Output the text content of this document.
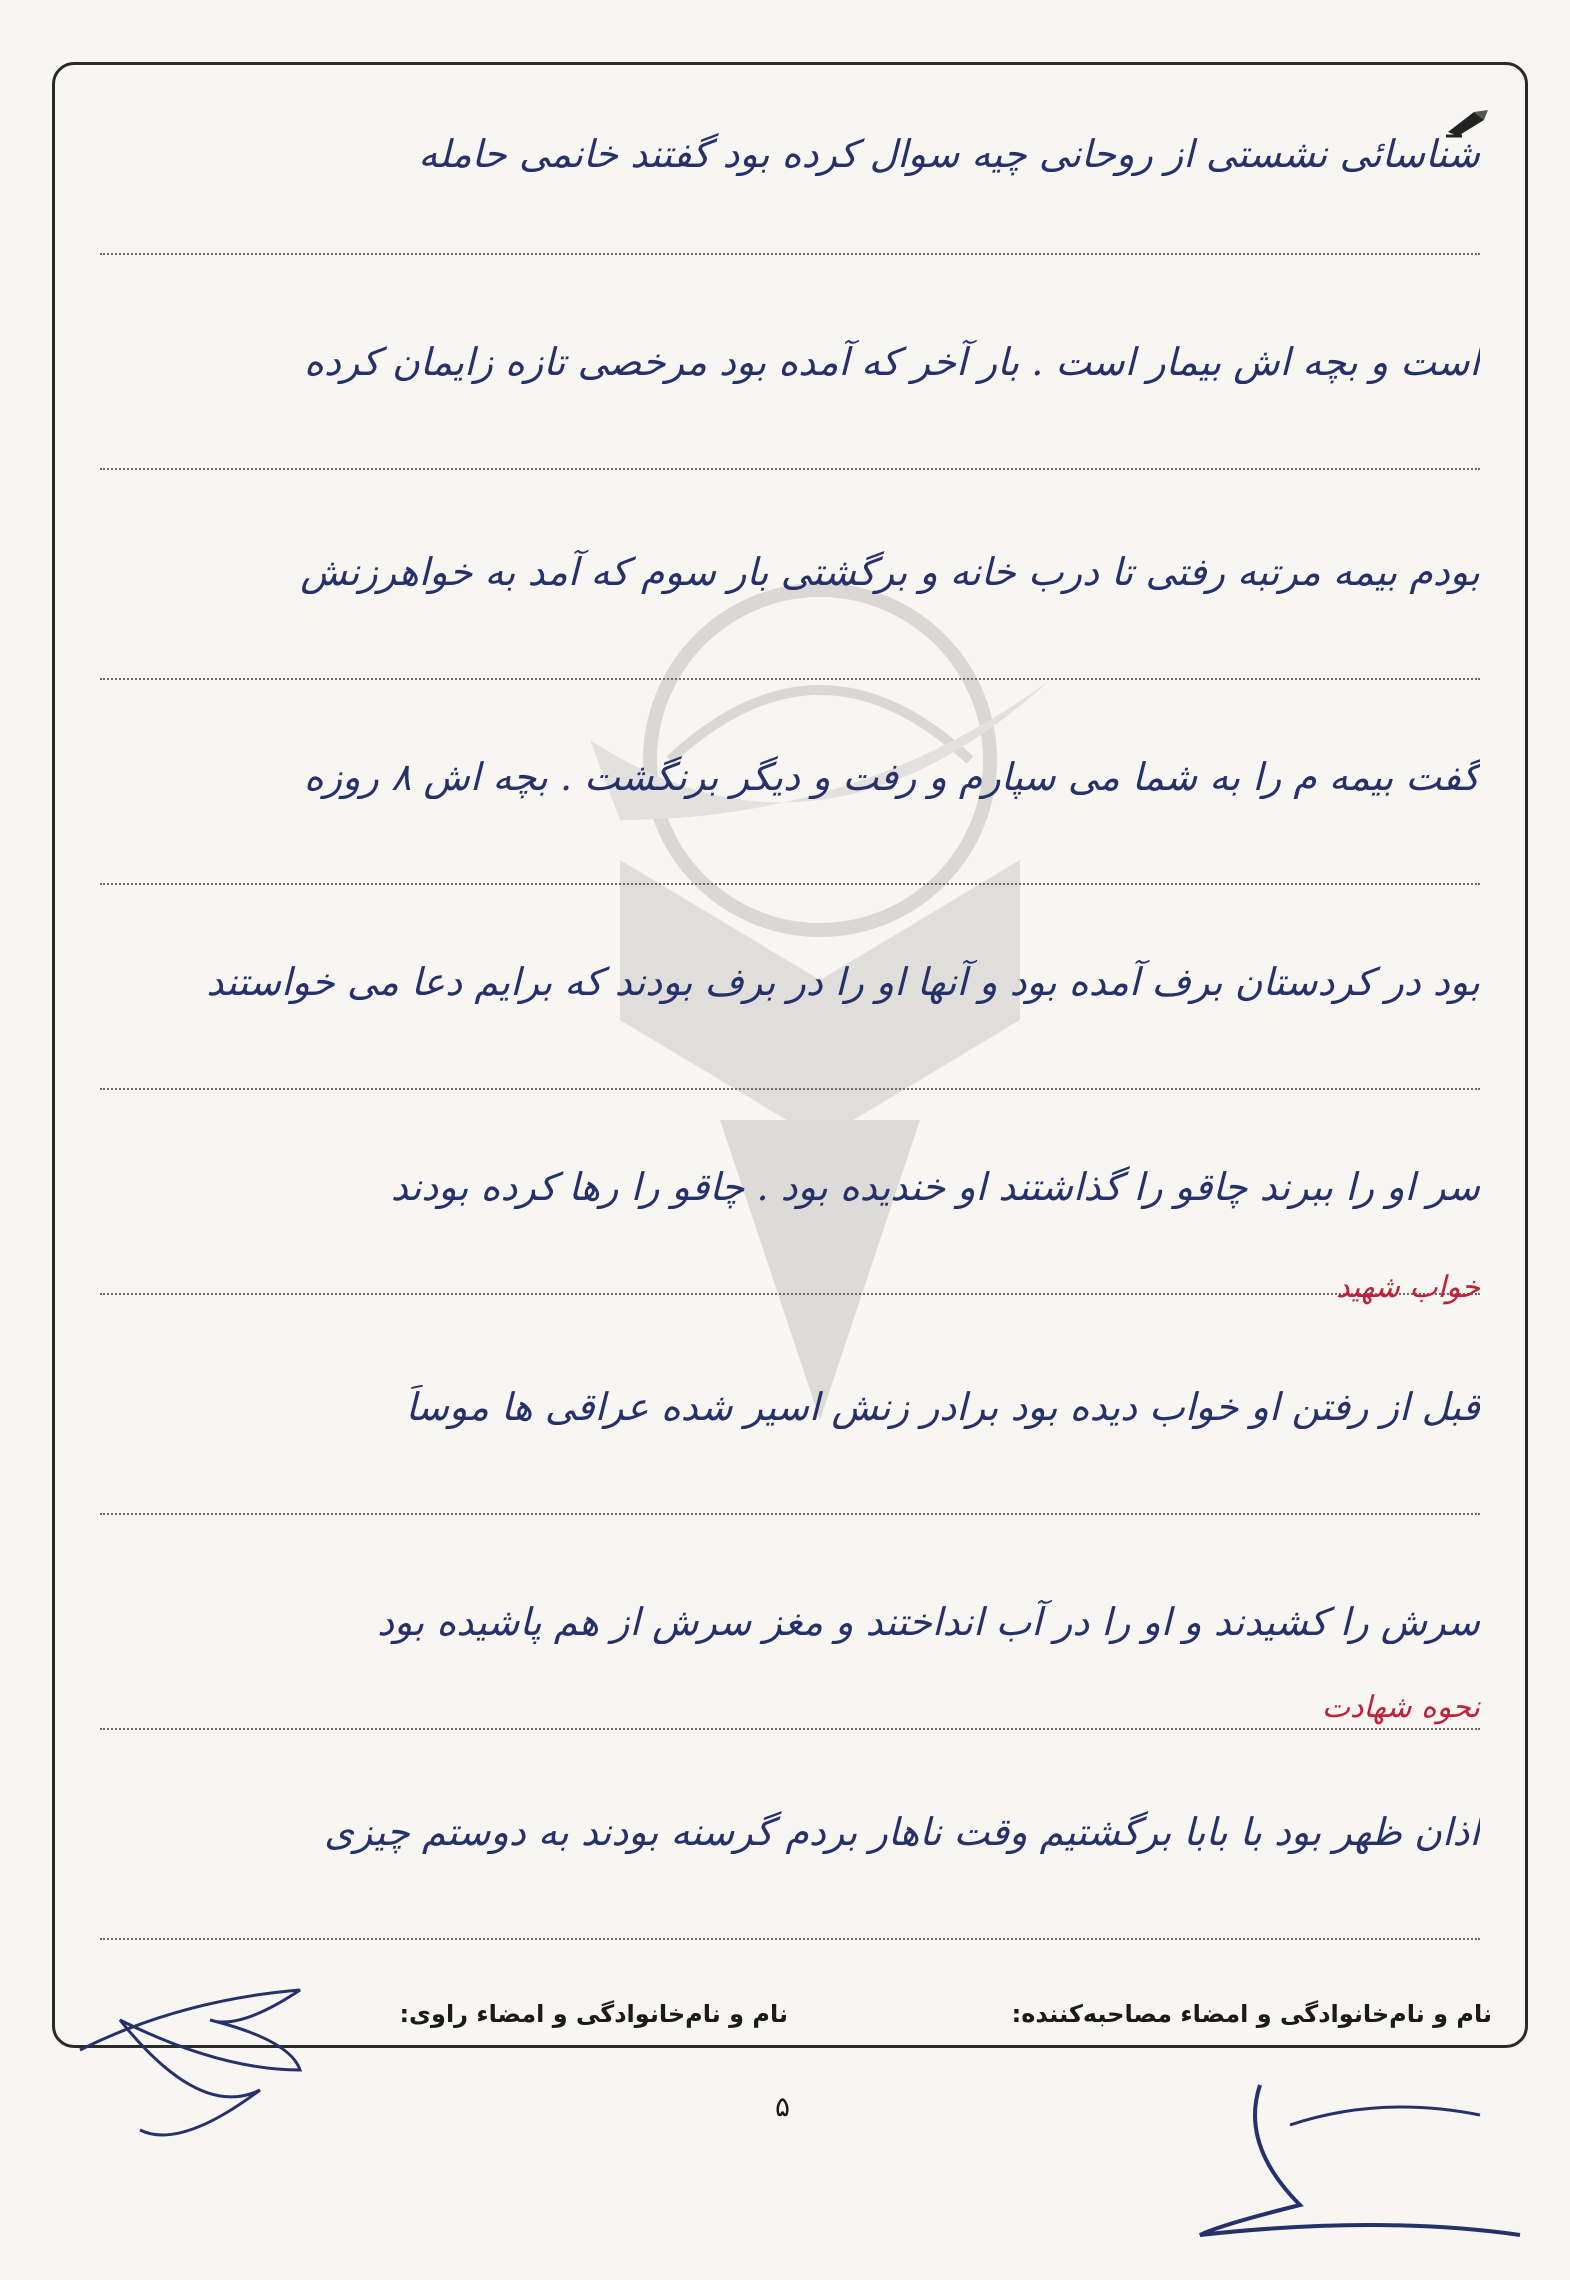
شناسائی نشستی از روحانی چیه سوال کرده بود گفتند خانمی حامله
است و بچه اش بیمار است . بار آخر که آمده بود مرخصی تازه زایمان کرده
بودم بیمه مرتبه رفتی تا درب خانه و برگشتی بار سوم که آمد به خواهرزنش
گفت بیمه م را به شما می سپارم و رفت و دیگر برنگشت . بچه اش ۸ روزه
بود در کردستان برف آمده بود و آنها او را در برف بودند که برایم دعا می خواستند
سر او را ببرند چاقو را گذاشتند او خندیده بود . چاقو را رها کرده بودند
خواب شهید
قبل از رفتن او خواب دیده بود برادر زنش اسیر شده عراقی ها موساً
سرش را کشیدند و او را در آب انداختند و مغز سرش از هم پاشیده بود
نحوه شهادت
اذان ظهر بود با بابا برگشتیم وقت ناهار بردم گرسنه بودند به دوستم چیزی
نام و نام‌خانوادگی و امضاء مصاحبه‌کننده:
نام و نام‌خانوادگی و امضاء راوی:
۵
